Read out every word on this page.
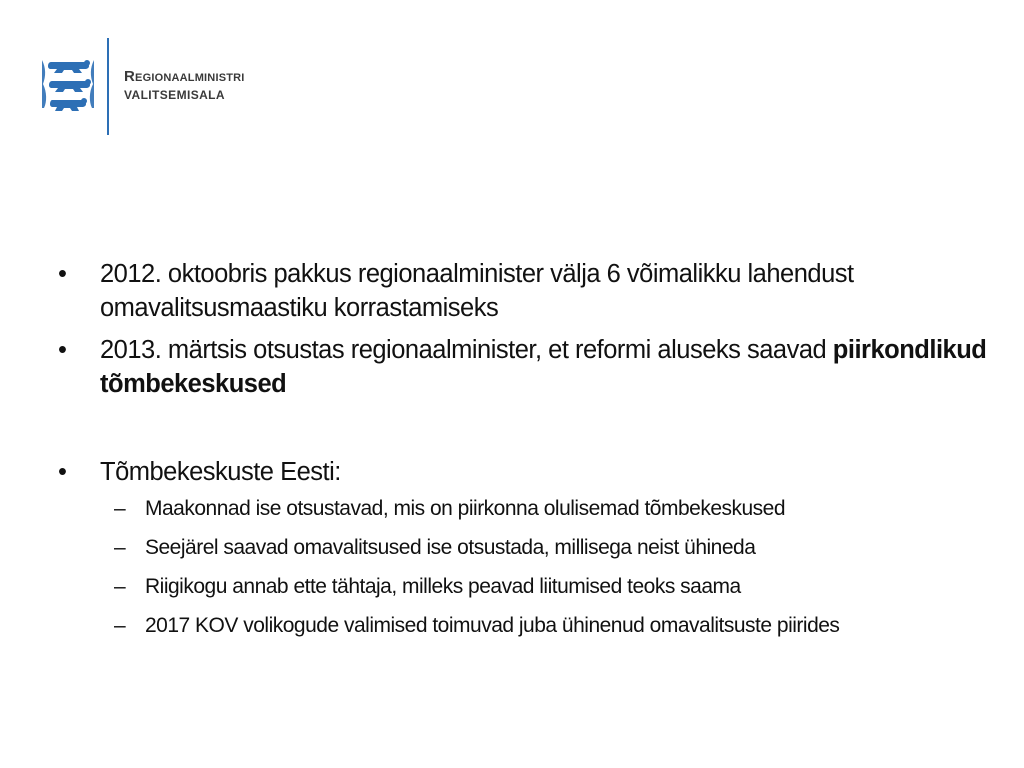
Regionaalministri
VALITSEMISALA
• 2012. oktoobris pakkus regionaalminister välja 6 võimalikku lahendust omavalitsusmaastiku korrastamiseks
• 2013. märtsis otsustas regionaalminister, et reformi aluseks saavad piirkondlikud tõmbekeskused
• Tõmbekeskuste Eesti:
– Maakonnad ise otsustavad, mis on piirkonna olulisemad tõmbekeskused
– Seejärel saavad omavalitsused ise otsustada, millisega neist ühineda
– Riigikogu annab ette tähtaja, milleks peavad liitumised teoks saama
– 2017 KOV volikogude valimised toimuvad juba ühinenud omavalitsuste piirides
